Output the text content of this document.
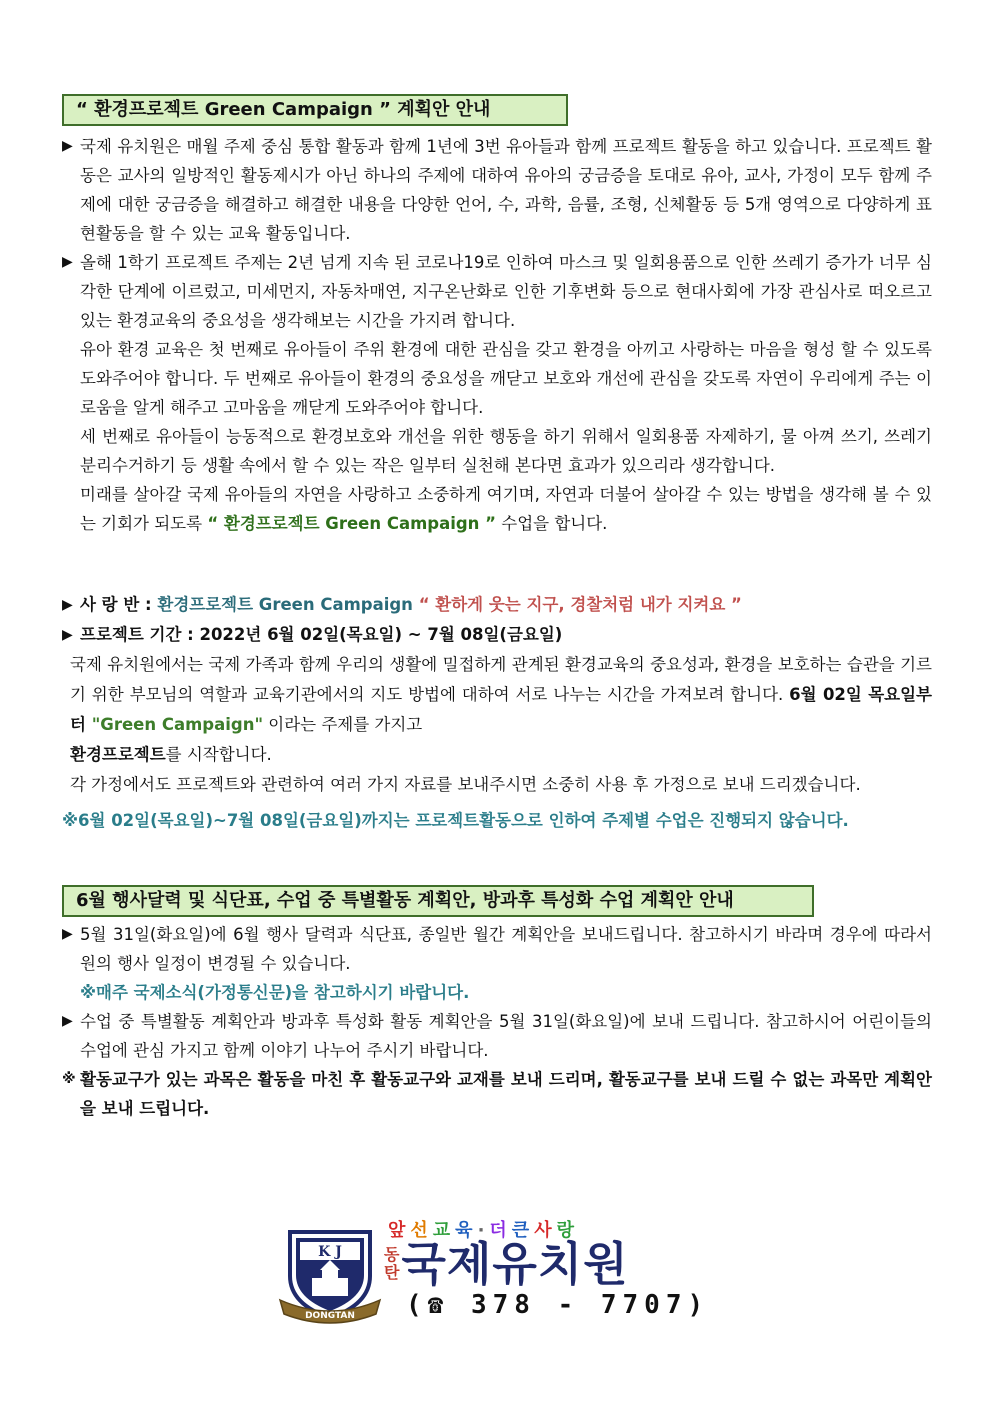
“ 환경프로젝트 Green Campaign ” 계획안 안내
▶ 국제 유치원은 매월 주제 중심 통합 활동과 함께 1년에 3번 유아들과 함께 프로젝트 활동을 하고 있습니다. 프로젝트 활동은 교사의 일방적인 활동제시가 아닌 하나의 주제에 대하여 유아의 궁금증을 토대로 유아, 교사, 가정이 모두 함께 주제에 대한 궁금증을 해결하고 해결한 내용을 다양한 언어, 수, 과학, 음률, 조형, 신체활동 등 5개 영역으로 다양하게 표현활동을 할 수 있는 교육 활동입니다.
▶ 올해 1학기 프로젝트 주제는 2년 넘게 지속 된 코로나19로 인하여 마스크 및 일회용품으로 인한 쓰레기 증가가 너무 심각한 단계에 이르렀고, 미세먼지, 자동차매연, 지구온난화로 인한 기후변화 등으로 현대사회에 가장 관심사로 떠오르고 있는 환경교육의 중요성을 생각해보는 시간을 가지려 합니다.
유아 환경 교육은 첫 번째로 유아들이 주위 환경에 대한 관심을 갖고 환경을 아끼고 사랑하는 마음을 형성 할 수 있도록 도와주어야 합니다. 두 번째로 유아들이 환경의 중요성을 깨닫고 보호와 개선에 관심을 갖도록 자연이 우리에게 주는 이로움을 알게 해주고 고마움을 깨닫게 도와주어야 합니다.
세 번째로 유아들이 능동적으로 환경보호와 개선을 위한 행동을 하기 위해서 일회용품 자제하기, 물 아껴 쓰기, 쓰레기 분리수거하기 등 생활 속에서 할 수 있는 작은 일부터 실천해 본다면 효과가 있으리라 생각합니다.
미래를 살아갈 국제 유아들의 자연을 사랑하고 소중하게 여기며, 자연과 더불어 살아갈 수 있는 방법을 생각해 볼 수 있는 기회가 되도록 “ 환경프로젝트 Green Campaign ” 수업을 합니다.
▶ 사 랑 반 : 환경프로젝트 Green Campaign “ 환하게 웃는 지구, 경찰처럼 내가 지켜요 ”
▶ 프로젝트 기간 : 2022년 6월 02일(목요일) ~ 7월 08일(금요일)
국제 유치원에서는 국제 가족과 함께 우리의 생활에 밀접하게 관계된 환경교육의 중요성과, 환경을 보호하는 습관을 기르기 위한 부모님의 역할과 교육기관에서의 지도 방법에 대하여 서로 나누는 시간을 가져보려 합니다. 6월 02일 목요일부터 "Green Campaign" 이라는 주제를 가지고
환경프로젝트를 시작합니다.
각 가정에서도 프로젝트와 관련하여 여러 가지 자료를 보내주시면 소중히 사용 후 가정으로 보내 드리겠습니다.
※6월 02일(목요일)~7월 08일(금요일)까지는 프로젝트활동으로 인하여 주제별 수업은 진행되지 않습니다.
6월 행사달력 및 식단표, 수업 중 특별활동 계획안, 방과후 특성화 수업 계획안 안내
▶ 5월 31일(화요일)에 6월 행사 달력과 식단표, 종일반 월간 계획안을 보내드립니다. 참고하시기 바라며 경우에 따라서 원의 행사 일정이 변경될 수 있습니다.
※매주 국제소식(가정통신문)을 참고하시기 바랍니다.
▶ 수업 중 특별활동 계획안과 방과후 특성화 활동 계획안을 5월 31일(화요일)에 보내 드립니다. 참고하시어 어린이들의 수업에 관심 가지고 함께 이야기 나누어 주시기 바랍니다.
※ 활동교구가 있는 과목은 활동을 마친 후 활동교구와 교재를 보내 드리며, 활동교구를 보내 드릴 수 없는 과목만 계획안을 보내 드립니다.
K J
DONGTAN
앞 선 교 육 · 더 큰 사 랑
동
탄 국제유치원
(☎ 378 - 7707)
